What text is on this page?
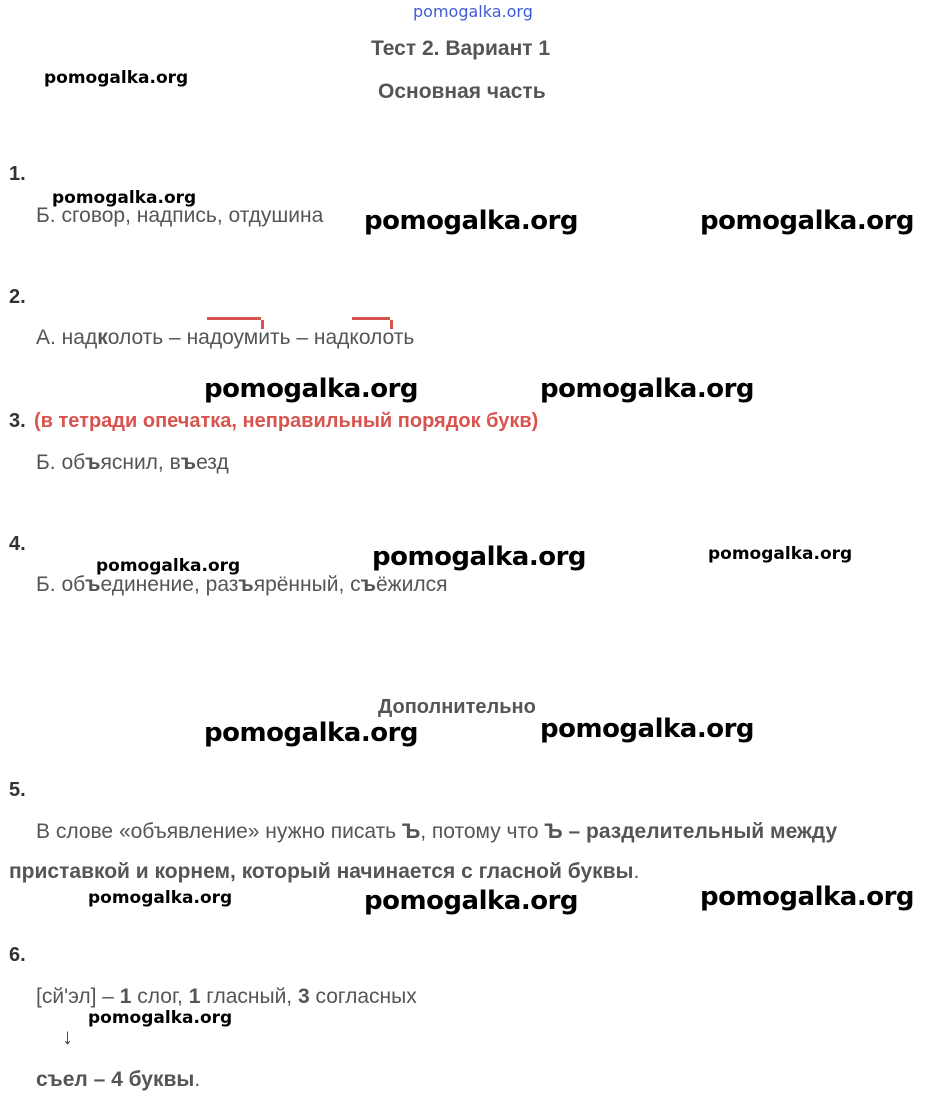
pomogalka.org
Тест 2. Вариант 1
Основная часть
pomogalka.org
pomogalka.org
pomogalka.org	pomogalka.org
pomogalka.org	pomogalka.org
pomogalka.org	pomogalka.org	pomogalka.org
pomogalka.org	pomogalka.org
pomogalka.org	pomogalka.org	pomogalka.org
pomogalka.org
1.
Б. сговор, надпись, отдушина
2.
А. надколоть – надоумить – надколоть
3. (в тетради опечатка, неправильный порядок букв)
Б. объяснил, въезд
4.
Б. объединение, разъярённый, съёжился
Дополнительно
5.
В слове «объявление» нужно писать Ъ, потому что Ъ – разделительный между
приставкой и корнем, который начинается с гласной буквы.
6.
[сй'эл] – 1 слог, 1 гласный, 3 согласных
↓
съел – 4 буквы.
